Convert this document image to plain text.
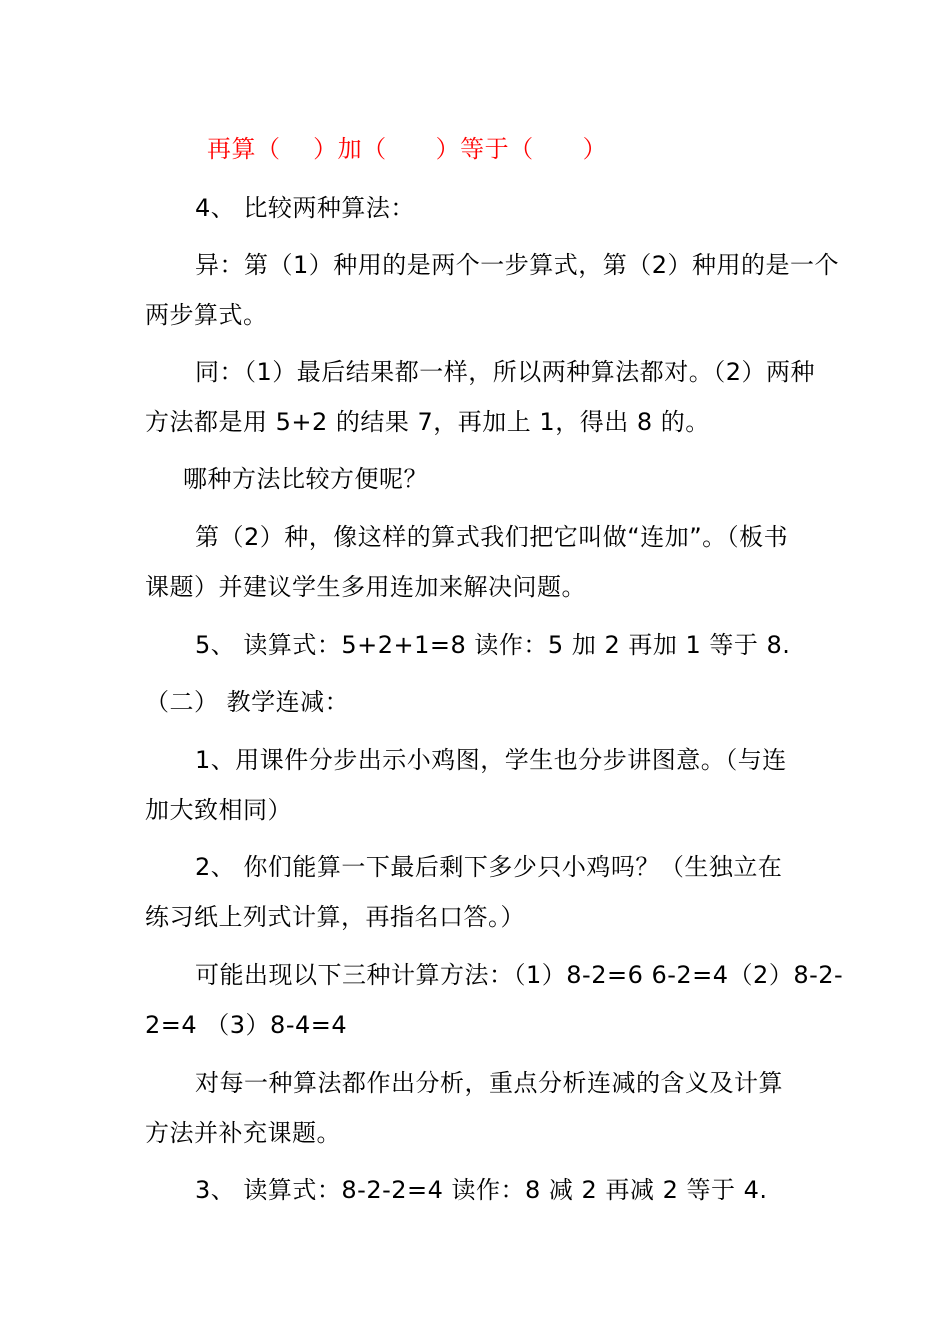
再算（　 ）加（　　）等于（　　）
4、 比较两种算法：
异：第（1）种用的是两个一步算式，第（2）种用的是一个
两步算式。
同：（1）最后结果都一样，所以两种算法都对。（2）两种
方法都是用 5+2 的结果 7，再加上 1，得出 8 的。
哪种方法比较方便呢？
第（2）种，像这样的算式我们把它叫做“连加”。（板书
课题）并建议学生多用连加来解决问题。
5、 读算式：5+2+1=8 读作：5 加 2 再加 1 等于 8.
（二） 教学连减：
1、用课件分步出示小鸡图，学生也分步讲图意。（与连
加大致相同）
2、 你们能算一下最后剩下多少只小鸡吗？（生独立在
练习纸上列式计算，再指名口答。）
可能出现以下三种计算方法：（1）8-2=6 6-2=4（2）8-2-
2=4 （3）8-4=4
对每一种算法都作出分析，重点分析连减的含义及计算
方法并补充课题。
3、 读算式：8-2-2=4 读作：8 减 2 再减 2 等于 4.
